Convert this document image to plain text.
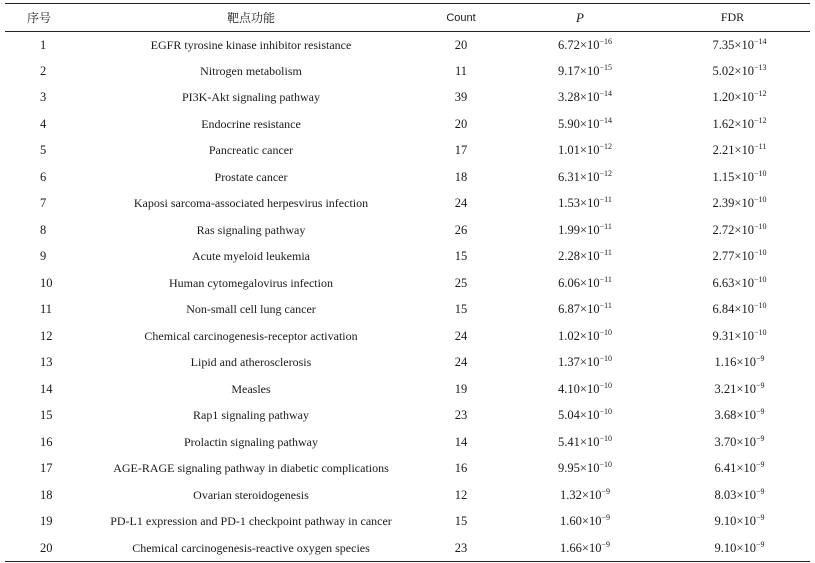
序号	靶点功能	Count	P	FDR
1	EGFR tyrosine kinase inhibitor resistance	20	$6.72\times 10^{-16}$	$7.35\times 10^{-14}$
2	Nitrogen metabolism	11	$9.17\times 10^{-15}$	$5.02\times 10^{-13}$
3	PI3K-Akt signaling pathway	39	$3.28\times 10^{-14}$	$1.20\times 10^{-12}$
4	Endocrine resistance	20	$5.90\times 10^{-14}$	$1.62\times 10^{-12}$
5	Pancreatic cancer	17	$1.01\times 10^{-12}$	$2.21\times 10^{-11}$
6	Prostate cancer	18	$6.31\times 10^{-12}$	$1.15\times 10^{-10}$
7	Kaposi sarcoma-associated herpesvirus infection	24	$1.53\times 10^{-11}$	$2.39\times 10^{-10}$
8	Ras signaling pathway	26	$1.99\times 10^{-11}$	$2.72\times 10^{-10}$
9	Acute myeloid leukemia	15	$2.28\times 10^{-11}$	$2.77\times 10^{-10}$
10	Human cytomegalovirus infection	25	$6.06\times 10^{-11}$	$6.63\times 10^{-10}$
11	Non-small cell lung cancer	15	$6.87\times 10^{-11}$	$6.84\times 10^{-10}$
12	Chemical carcinogenesis-receptor activation	24	$1.02\times 10^{-10}$	$9.31\times 10^{-10}$
13	Lipid and atherosclerosis	24	$1.37\times 10^{-10}$	$1.16\times 10^{-9}$
14	Measles	19	$4.10\times 10^{-10}$	$3.21\times 10^{-9}$
15	Rap1 signaling pathway	23	$5.04\times 10^{-10}$	$3.68\times 10^{-9}$
16	Prolactin signaling pathway	14	$5.41\times 10^{-10}$	$3.70\times 10^{-9}$
17	AGE-RAGE signaling pathway in diabetic complications	16	$9.95\times 10^{-10}$	$6.41\times 10^{-9}$
18	Ovarian steroidogenesis	12	$1.32\times 10^{-9}$	$8.03\times 10^{-9}$
19	PD-L1 expression and PD-1 checkpoint pathway in cancer	15	$1.60\times 10^{-9}$	$9.10\times 10^{-9}$
20	Chemical carcinogenesis-reactive oxygen species	23	$1.66\times 10^{-9}$	$9.10\times 10^{-9}$
